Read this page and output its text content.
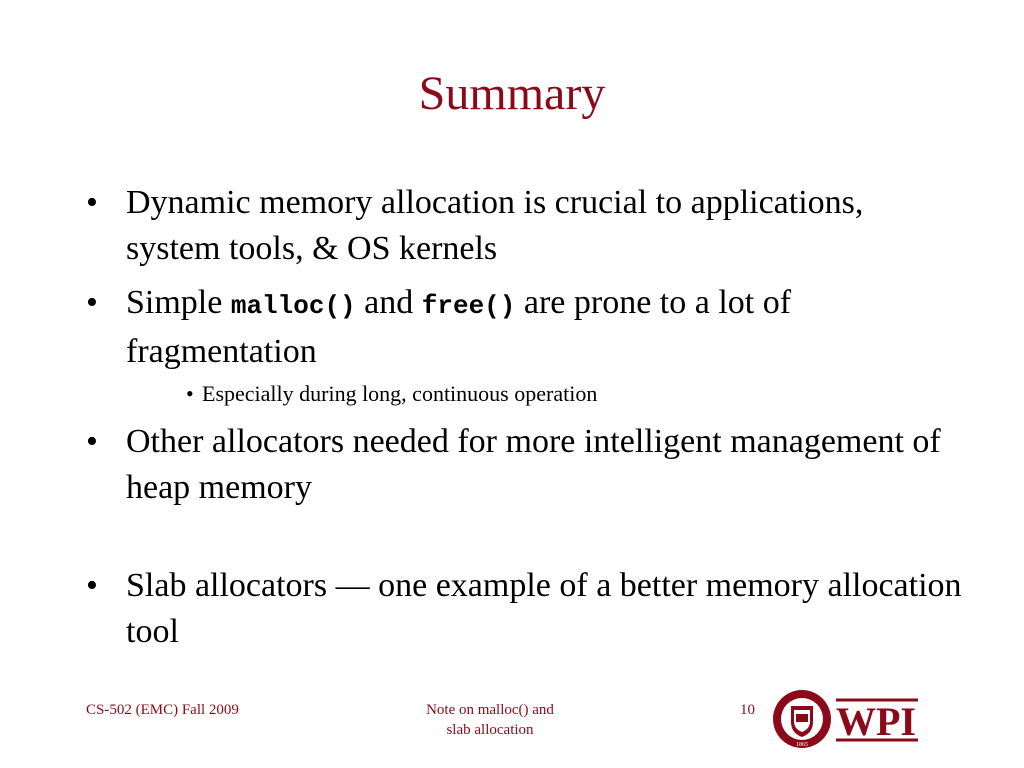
Summary
• Dynamic memory allocation is crucial to applications, system tools, & OS kernels
• Simple malloc() and free() are prone to a lot of fragmentation
• Especially during long, continuous operation
• Other allocators needed for more intelligent management of heap memory
• Slab allocators — one example of a better memory allocation tool
CS-502 (EMC) Fall 2009	Note on malloc() and
slab allocation
10
1865
WPI
